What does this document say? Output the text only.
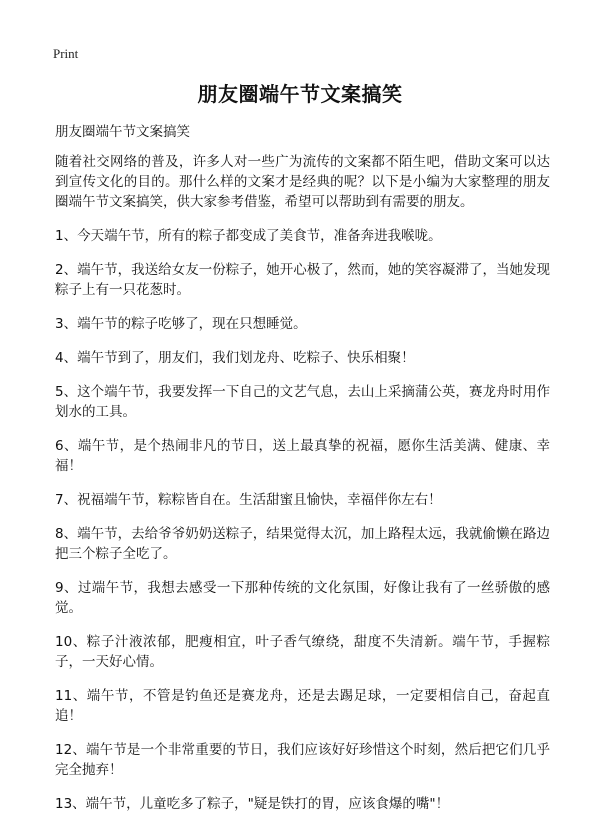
Print
朋友圈端午节文案搞笑
朋友圈端午节文案搞笑

随着社交网络的普及，许多人对一些广为流传的文案都不陌生吧，借助文案可以达到宣传文化的目的。那什么样的文案才是经典的呢？以下是小编为大家整理的朋友圈端午节文案搞笑，供大家参考借鉴，希望可以帮助到有需要的朋友。

1、今天端午节，所有的粽子都变成了美食节，准备奔进我喉咙。

2、端午节，我送给女友一份粽子，她开心极了，然而，她的笑容凝滞了，当她发现粽子上有一只花葱时。

3、端午节的粽子吃够了，现在只想睡觉。

4、端午节到了，朋友们，我们划龙舟、吃粽子、快乐相聚！

5、这个端午节，我要发挥一下自己的文艺气息，去山上采摘蒲公英，赛龙舟时用作划水的工具。

6、端午节，是个热闹非凡的节日，送上最真挚的祝福，愿你生活美满、健康、幸福！

7、祝福端午节，粽粽皆自在。生活甜蜜且愉快，幸福伴你左右！

8、端午节，去给爷爷奶奶送粽子，结果觉得太沉，加上路程太远，我就偷懒在路边把三个粽子全吃了。

9、过端午节，我想去感受一下那种传统的文化氛围，好像让我有了一丝骄傲的感觉。

10、粽子汁液浓郁，肥瘦相宜，叶子香气缭绕，甜度不失清新。端午节，手握粽子，一天好心情。

11、端午节，不管是钓鱼还是赛龙舟，还是去踢足球，一定要相信自己，奋起直追！

12、端午节是一个非常重要的节日，我们应该好好珍惜这个时刻，然后把它们几乎完全抛弃！

13、端午节，儿童吃多了粽子，"疑是铁打的胃，应该食爆的嘴"！
